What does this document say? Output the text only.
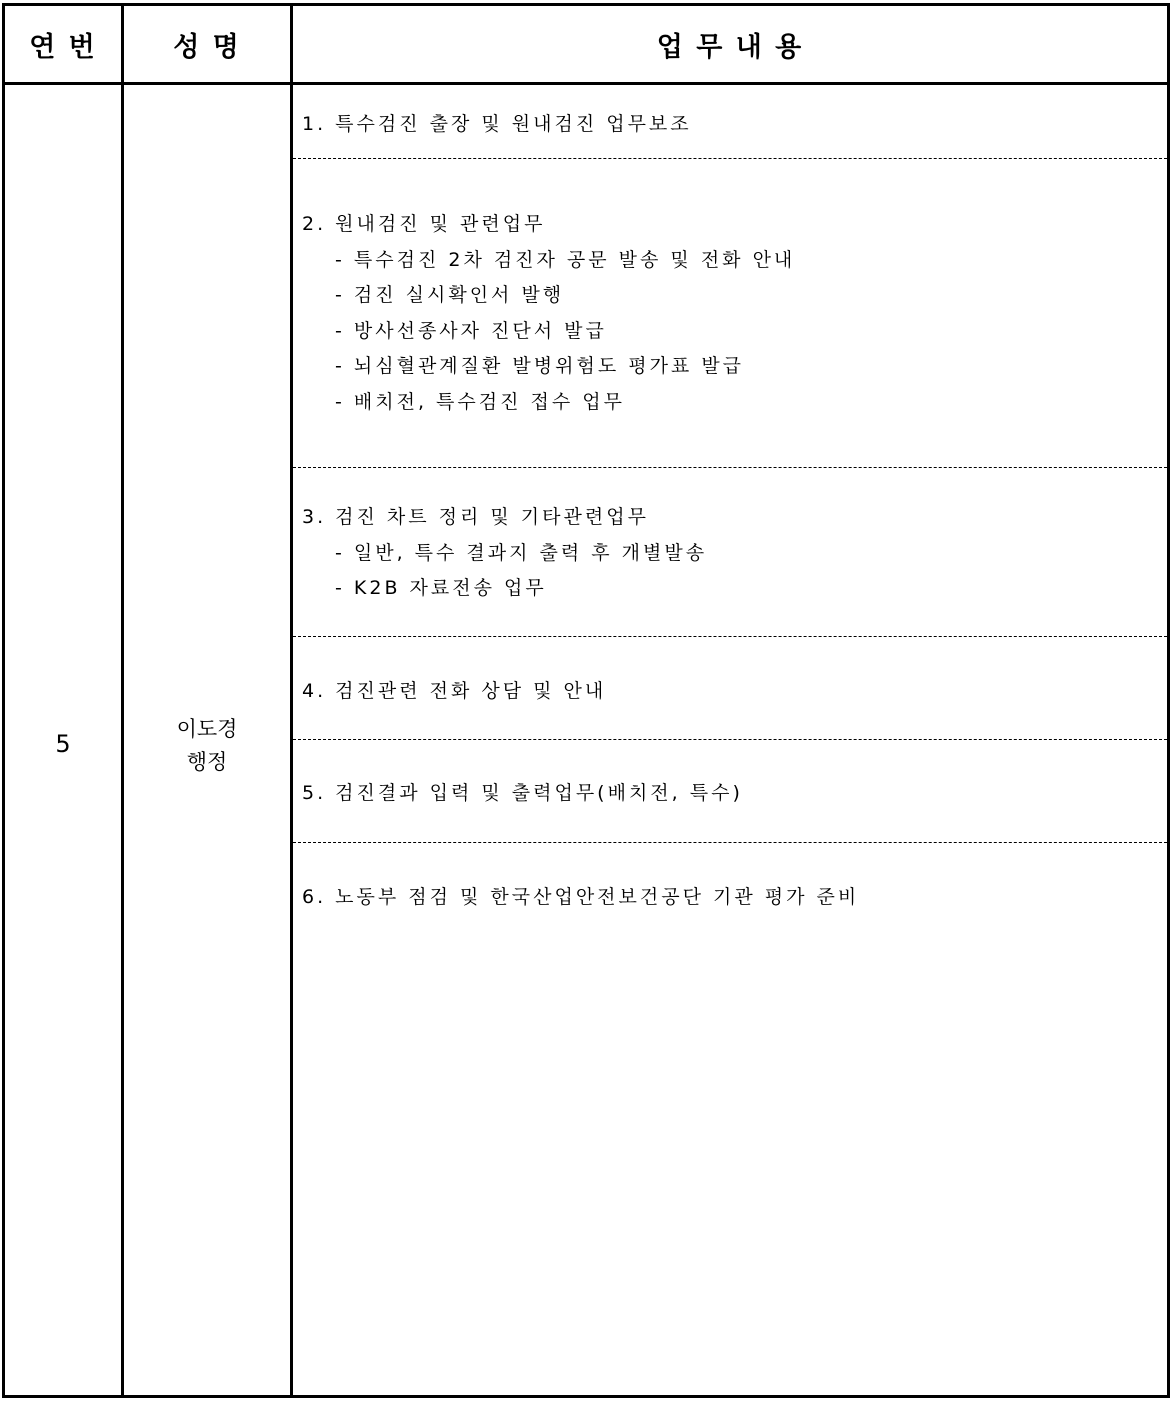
연 번	성 명	업 무 내 용
5
이도경
행정
1. 특수검진 출장 및 원내검진 업무보조
2. 원내검진 및 관련업무
- 특수검진 2차 검진자 공문 발송 및 전화 안내
- 검진 실시확인서 발행
- 방사선종사자 진단서 발급
- 뇌심혈관계질환 발병위험도 평가표 발급
- 배치전, 특수검진 접수 업무
3. 검진 차트 정리 및 기타관련업무
- 일반, 특수 결과지 출력 후 개별발송
- K2B 자료전송 업무
4. 검진관련 전화 상담 및 안내
5. 검진결과 입력 및 출력업무(배치전, 특수)
6. 노동부 점검 및 한국산업안전보건공단 기관 평가 준비
